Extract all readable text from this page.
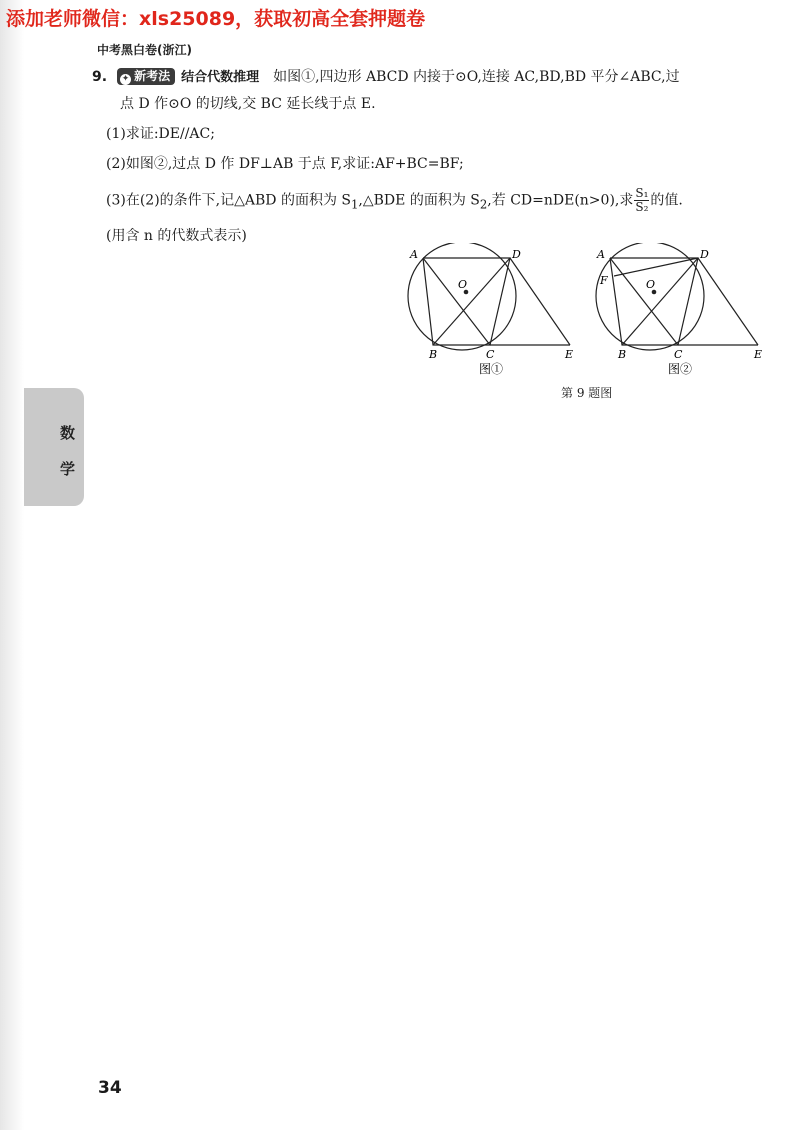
添加老师微信：xls25089，获取初高全套押题卷
中考黑白卷(浙江)
9. ✦ 新考法 结合代数推理 如图①,四边形 ABCD 内接于⊙O,连接 AC,BD,BD 平分∠ABC,过
点 D 作⊙O 的切线,交 BC 延长线于点 E.
(1)求证:DE//AC;
(2)如图②,过点 D 作 DF⊥AB 于点 F,求证:AF+BC=BF;
(3)在(2)的条件下,记△ABD 的面积为 $S_1,\triangle BDE$ 的面积为 $S_2$,若 CD=nDE(n>0),求 $\frac{\text{S₁}}{\text{S₂}}$ 的值.
(用含 n 的代数式表示)
A	D
O
B	C	E
图①
A
F
D
O
B	C	E
图②
第 9 题图
数
学
34
